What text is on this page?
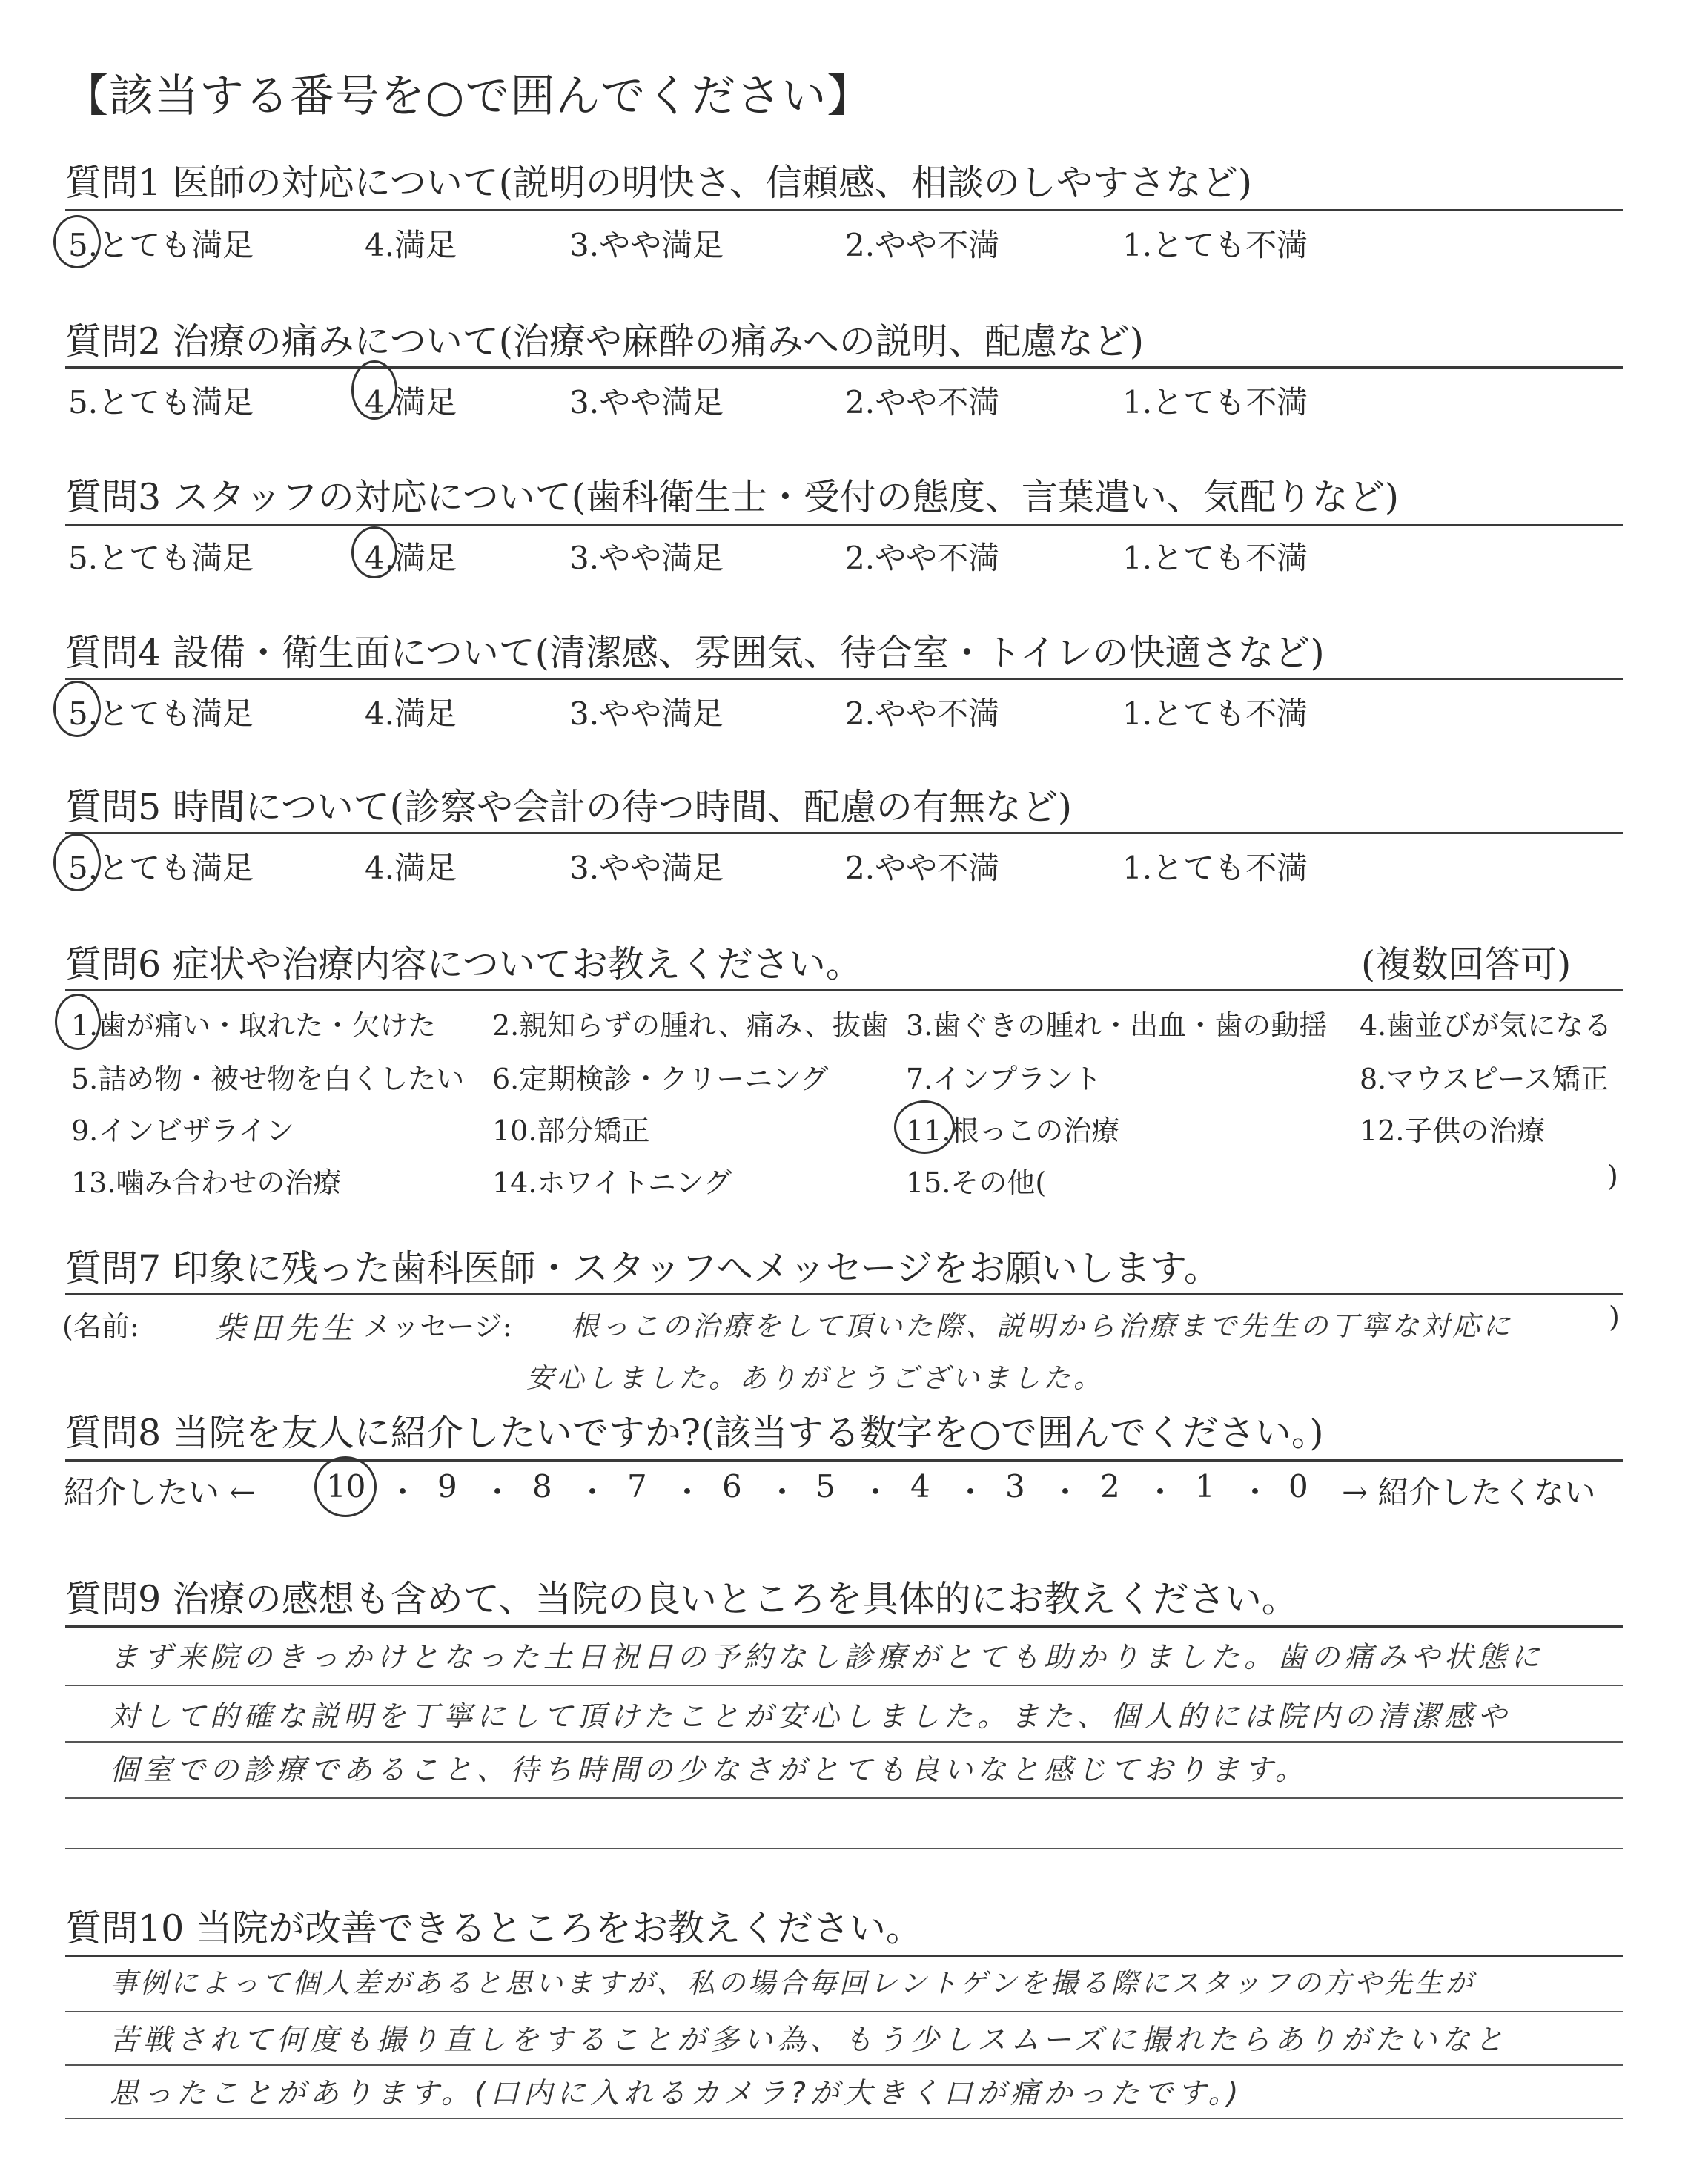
【該当する番号を○で囲んでください】
質問1 医師の対応について(説明の明快さ、信頼感、相談のしやすさなど)
5.とても満足	4.満足	3.やや満足	2.やや不満	1.とても不満
質問2 治療の痛みについて(治療や麻酔の痛みへの説明、配慮など)
5.とても満足	4.満足	3.やや満足	2.やや不満	1.とても不満
質問3 スタッフの対応について(歯科衛生士・受付の態度、言葉遣い、気配りなど)
5.とても満足	4.満足	3.やや満足	2.やや不満	1.とても不満
質問4 設備・衛生面について(清潔感、雰囲気、待合室・トイレの快適さなど)
5.とても満足	4.満足	3.やや満足	2.やや不満	1.とても不満
質問5 時間について(診察や会計の待つ時間、配慮の有無など)
5.とても満足	4.満足	3.やや満足	2.やや不満	1.とても不満
質問6 症状や治療内容についてお教えください。	(複数回答可)
1.歯が痛い・取れた・欠けた 2.親知らずの腫れ、痛み、抜歯 3.歯ぐきの腫れ・出血・歯の動揺 4.歯並びが気になる
5.詰め物・被せ物を白くしたい 6.定期検診・クリーニング	7.インプラント	8.マウスピース矯正
9.インビザライン	10.部分矯正	11.根っこの治療	12.子供の治療
13.噛み合わせの治療	14.ホワイトニング	15.その他(	)
質問7 印象に残った歯科医師・スタッフへメッセージをお願いします。
(名前: 柴田先生 メッセージ: 根っこの治療をして頂いた際、説明から治療まで先生の丁寧な対応に	)
安心しました。ありがとうございました。
質問8 当院を友人に紹介したいですか?(該当する数字を○で囲んでください。)
紹介したい ← 10 ・ 9 ・ 8 ・ 7 ・ 6 ・ 5 ・ 4 ・ 3 ・ 2 ・ 1 ・ 0 → 紹介したくない
質問9 治療の感想も含めて、当院の良いところを具体的にお教えください。
まず来院のきっかけとなった土日祝日の予約なし診療がとても助かりました。歯の痛みや状態に
対して的確な説明を丁寧にして頂けたことが安心しました。また、個人的には院内の清潔感や
個室での診療であること、待ち時間の少なさがとても良いなと感じております。
質問10 当院が改善できるところをお教えください。
事例によって個人差があると思いますが、私の場合毎回レントゲンを撮る際にスタッフの方や先生が
苦戦されて何度も撮り直しをすることが多い為、もう少しスムーズに撮れたらありがたいなと
思ったことがあります。(口内に入れるカメラ?が大きく口が痛かったです。)
